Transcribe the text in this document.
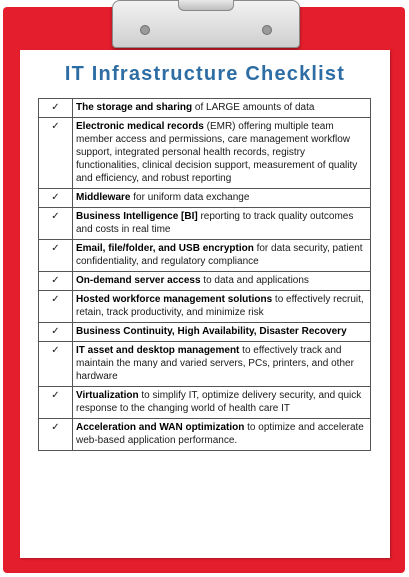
IT Infrastructure Checklist
✓	The storage and sharing of LARGE amounts of data
✓	Electronic medical records (EMR) offering multiple team member access and permissions, care management workflow support, integrated personal health records, registry functionalities, clinical decision support, measurement of quality and efficiency, and robust reporting
✓	Middleware for uniform data exchange
✓	Business Intelligence [BI] reporting to track quality outcomes and costs in real time
✓	Email, file/folder, and USB encryption for data security, patient confidentiality, and regulatory compliance
✓	On-demand server access to data and applications
✓	Hosted workforce management solutions to effectively recruit, retain, track productivity, and minimize risk
✓	Business Continuity, High Availability, Disaster Recovery
✓	IT asset and desktop management to effectively track and maintain the many and varied servers, PCs, printers, and other hardware
✓	Virtualization to simplify IT, optimize delivery security, and quick response to the changing world of health care IT
✓	Acceleration and WAN optimization to optimize and accelerate web-based application performance.
